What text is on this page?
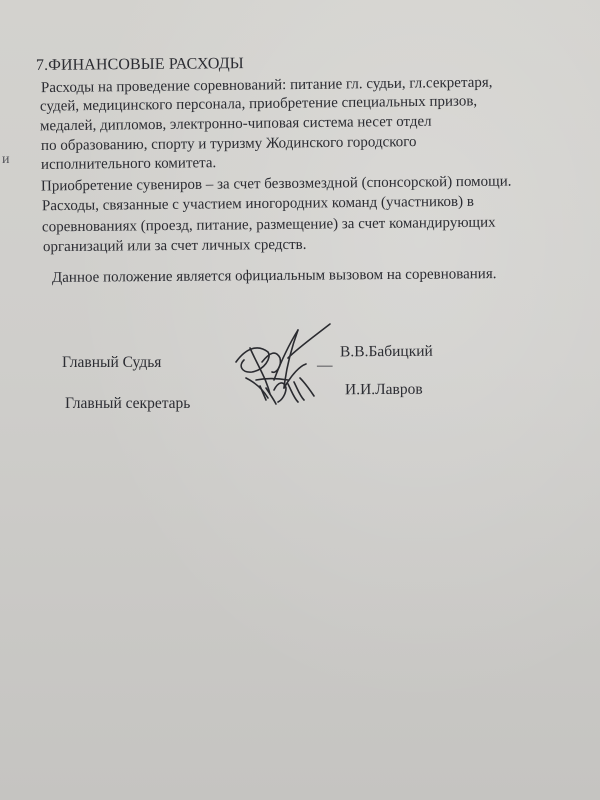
и
7.ФИНАНСОВЫЕ РАСХОДЫ
Расходы на проведение соревнований: питание гл. судьи, гл.секретаря,
судей, медицинского персонала, приобретение специальных призов,
медалей, дипломов, электронно-чиповая система несет отдел
по образованию, спорту и туризму Жодинского городского
исполнительного комитета.
Приобретение сувениров – за счет безвозмездной (спонсорской) помощи.
Расходы, связанные с участием иногородних команд (участников) в
соревнованиях (проезд, питание, размещение) за счет командирующих
организаций или за счет личных средств.
Данное положение является официальным вызовом на соревнования.
Главный Судья	—
В.В.Бабицкий
Главный секретарь
И.И.Лавров
